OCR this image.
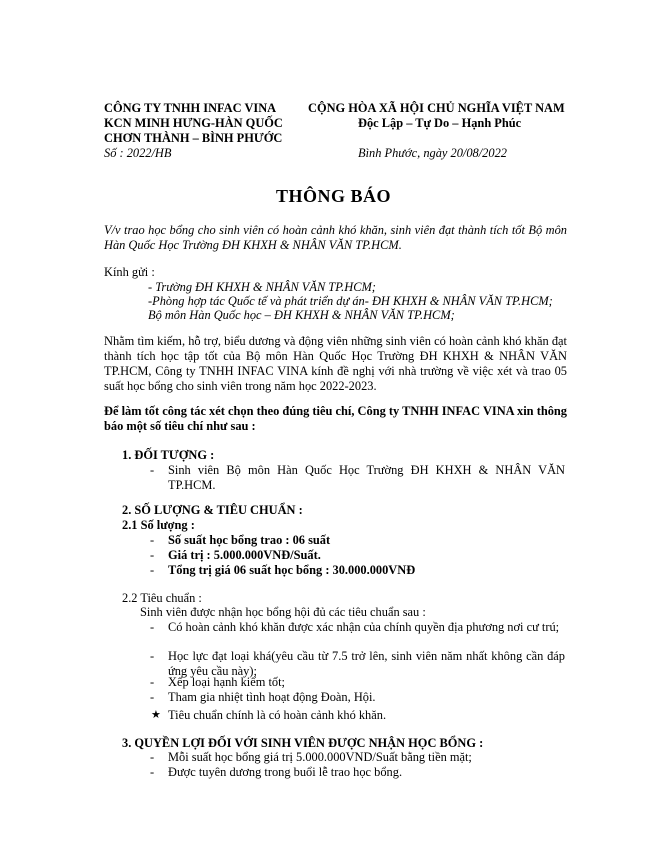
CÔNG TY TNHH INFAC VINA
KCN MINH HƯNG-HÀN QUỐC
CHƠN THÀNH – BÌNH PHƯỚC
Số : 2022/HB
CỘNG HÒA XÃ HỘI CHỦ NGHĨA VIỆT NAM
Độc Lập – Tự Do – Hạnh Phúc
Bình Phước, ngày 20/08/2022
THÔNG BÁO
V/v trao học bổng cho sinh viên có hoàn cảnh khó khăn, sinh viên đạt thành tích tốt Bộ môn Hàn Quốc Học Trường ĐH KHXH & NHÂN VĂN TP.HCM.
Kính gửi :
- Trường ĐH KHXH & NHÂN VĂN TP.HCM;
-Phòng hợp tác Quốc tế và phát triển dự án- ĐH KHXH & NHÂN VĂN TP.HCM;
Bộ môn Hàn Quốc học – ĐH KHXH & NHÂN VĂN TP.HCM;
Nhằm tìm kiếm, hỗ trợ, biểu dương và động viên những sinh viên có hoàn cảnh khó khăn đạt thành tích học tập tốt của Bộ môn Hàn Quốc Học Trường ĐH KHXH & NHÂN VĂN TP.HCM, Công ty TNHH INFAC VINA kính đề nghị với nhà trường về việc xét và trao 05 suất học bổng cho sinh viên trong năm học 2022-2023.
Để làm tốt công tác xét chọn theo đúng tiêu chí, Công ty TNHH INFAC VINA xin thông báo một số tiêu chí như sau :
1. ĐỐI TƯỢNG :
- Sinh viên Bộ môn Hàn Quốc Học Trường ĐH KHXH & NHÂN VĂN TP.HCM.
2. SỐ LƯỢNG & TIÊU CHUẨN :
2.1 Số lượng :
- Số suất học bổng trao : 06 suất
- Giá trị : 5.000.000VNĐ/Suất.
- Tổng trị giá 06 suất học bổng : 30.000.000VNĐ
2.2 Tiêu chuẩn :
Sinh viên được nhận học bổng hội đủ các tiêu chuẩn sau :
- Có hoàn cảnh khó khăn được xác nhận của chính quyền địa phương nơi cư trú;
- Học lực đạt loại khá(yêu cầu từ 7.5 trở lên, sinh viên năm nhất không cần đáp ứng yêu cầu này);
- Xếp loại hạnh kiểm tốt;
- Tham gia nhiệt tình hoạt động Đoàn, Hội.
★ Tiêu chuẩn chính là có hoàn cảnh khó khăn.
3. QUYỀN LỢI ĐỐI VỚI SINH VIÊN ĐƯỢC NHẬN HỌC BỔNG :
- Mỗi suất học bổng giá trị 5.000.000VND/Suất bằng tiền mặt;
- Được tuyên dương trong buổi lễ trao học bổng.
